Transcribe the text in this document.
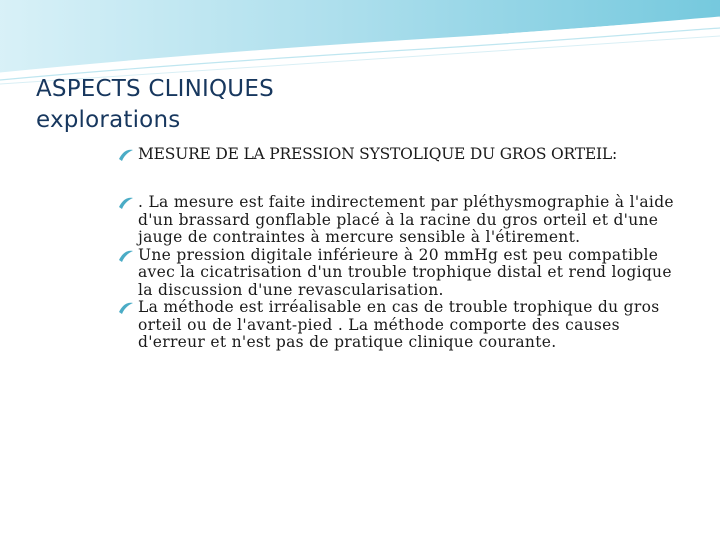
ASPECTS CLINIQUES
explorations
MESURE DE LA PRESSION SYSTOLIQUE DU GROS ORTEIL:
. La mesure est faite indirectement par pléthysmographie à l'aide d'un brassard gonflable placé à la racine du gros orteil et d'une jauge de contraintes à mercure sensible à l'étirement.
Une pression digitale inférieure à 20 mmHg est peu compatible avec la cicatrisation d'un trouble trophique distal et rend logique la discussion d'une revascularisation.
La méthode est irréalisable en cas de trouble trophique du gros orteil ou de l'avant-pied . La méthode comporte des causes d'erreur et n'est pas de pratique clinique courante.
